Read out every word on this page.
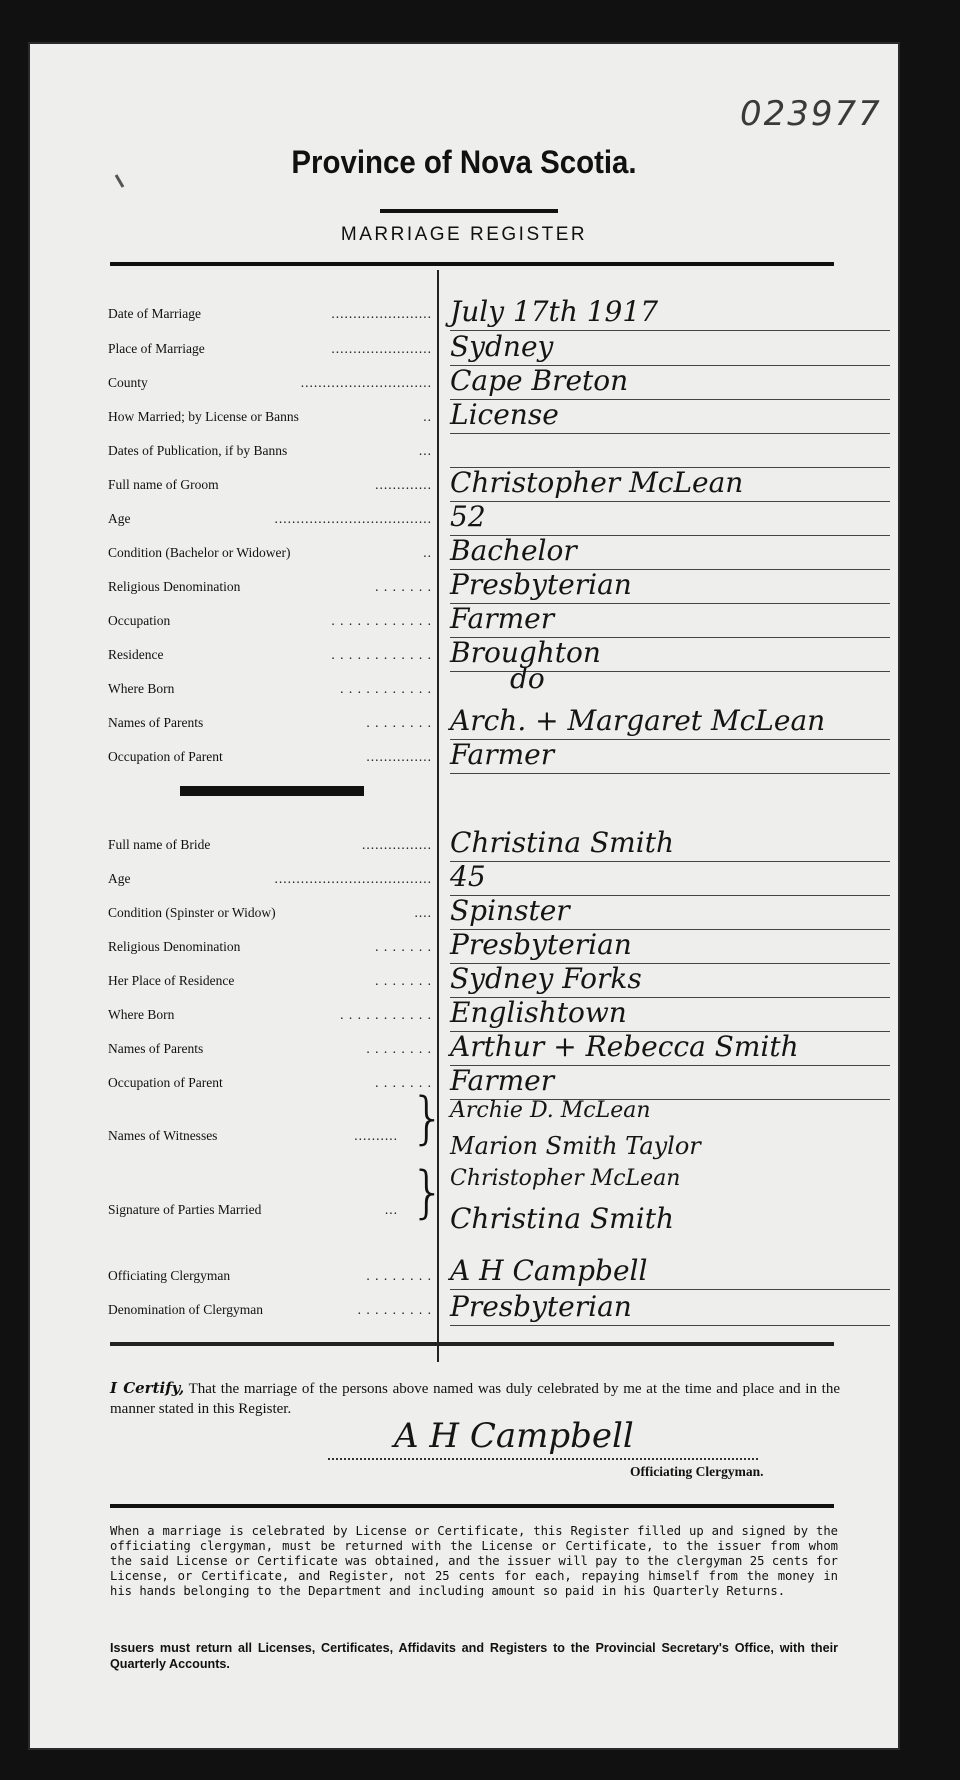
023977
Province of Nova Scotia.
MARRIAGE REGISTER
Date of Marriage	....................... July 17th 1917
Place of Marriage	....................... Sydney
County	.............................. Cape Breton
How Married; by License or Banns	.. License
Dates of Publication, if by Banns	...
Full name of Groom	............. Christopher McLean
Age	.................................... 52
Condition (Bachelor or Widower)	.. Bachelor
Religious Denomination	. . . . . . . Presbyterian
Occupation	. . . . . . . . . . . . Farmer
Residence	. . . . . . . . . . . . Broughton
Where Born	. . . . . . . . . . .	do
Names of Parents	. . . . . . . . Arch. + Margaret McLean
Occupation of Parent	............... Farmer
Full name of Bride	................ Christina Smith
Age	.................................... 45
Condition (Spinster or Widow)	.... Spinster
Religious Denomination	. . . . . . . Presbyterian
Her Place of Residence	. . . . . . . Sydney Forks
Where Born	. . . . . . . . . . . Englishtown
Names of Parents	. . . . . . . . Arthur + Rebecca Smith
Occupation of Parent	. . . . . . . Farmer
Names of Witnesses	.......... } Archie D. McLean
Marion Smith Taylor
Signature of Parties Married	... } Christopher McLean
Christina Smith
Officiating Clergyman	. . . . . . . . A H Campbell
Denomination of Clergyman	. . . . . . . . . Presbyterian
I Certify, That the marriage of the persons above named was duly celebrated by me at the time and place and in the manner stated in this Register.
A H Campbell
Officiating Clergyman.
When a marriage is celebrated by License or Certificate, this Register filled up and signed by the officiating clergyman, must be returned with the License or Certificate, to the issuer from whom the said License or Certificate was obtained, and the issuer will pay to the clergyman 25 cents for License, or Certificate, and Register, not 25 cents for each, repaying himself from the money in his hands belonging to the Department and including amount so paid in his Quarterly Returns.
Issuers must return all Licenses, Certificates, Affidavits and Registers to the Provincial Secretary's Office, with their Quarterly Accounts.
